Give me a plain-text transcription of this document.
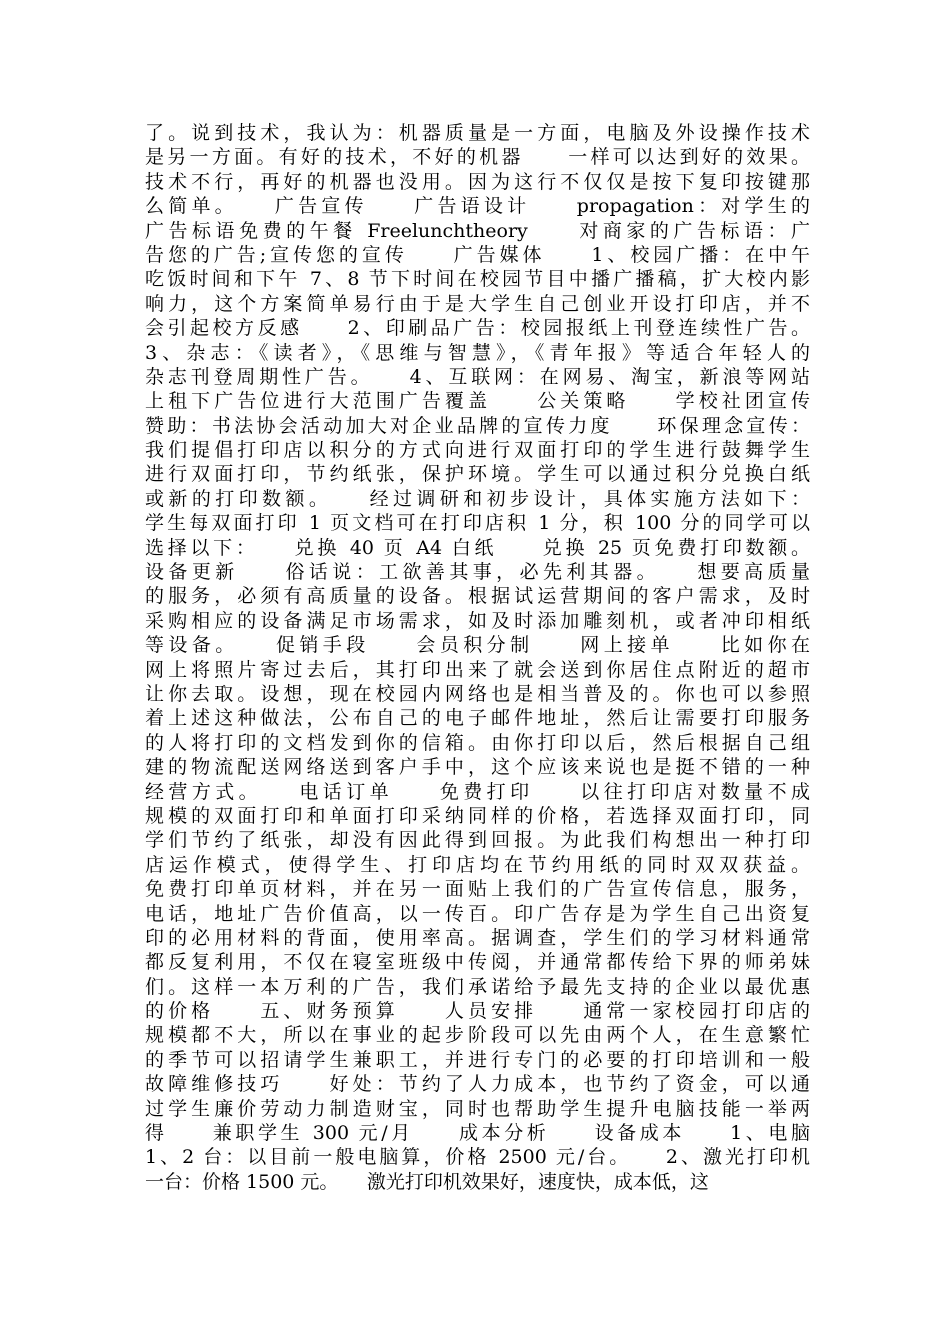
了。说到技术，我认为：机器质量是一方面，电脑及外设操作技术
是另一方面。有好的技术，不好的机器　　一样可以达到好的效果。
技术不行，再好的机器也没用。因为这行不仅仅是按下复印按键那
么简单。　　广告宣传　　广告语设计　　propagation：对学生的
广告标语免费的午餐 Freelunchtheory　　对商家的广告标语：广
告您的广告;宣传您的宣传　　广告媒体　　1、校园广播：在中午
吃饭时间和下午 7、8 节下时间在校园节目中播广播稿，扩大校内影
响力，这个方案简单易行由于是大学生自己创业开设打印店，并不
会引起校方反感　　2、印刷品广告：校园报纸上刊登连续性广告。
3、杂志：《读者》，《思维与智慧》，《青年报》等适合年轻人的
杂志刊登周期性广告。　　4、互联网：在网易、淘宝，新浪等网站
上租下广告位进行大范围广告覆盖　　公关策略　　学校社团宣传
赞助：书法协会活动加大对企业品牌的宣传力度　　环保理念宣传：
我们提倡打印店以积分的方式向进行双面打印的学生进行鼓舞学生
进行双面打印，节约纸张，保护环境。学生可以通过积分兑换白纸
或新的打印数额。　　经过调研和初步设计，具体实施方法如下：
学生每双面打印 1 页文档可在打印店积 1 分，积 100 分的同学可以
选择以下：　　兑换 40 页 A4 白纸　　兑换 25 页免费打印数额。
设备更新　　俗话说：工欲善其事，必先利其器。　　想要高质量
的服务，必须有高质量的设备。根据试运营期间的客户需求，及时
采购相应的设备满足市场需求，如及时添加雕刻机，或者冲印相纸
等设备。　　促销手段　　会员积分制　　网上接单　　比如你在
网上将照片寄过去后，其打印出来了就会送到你居住点附近的超市
让你去取。设想，现在校园内网络也是相当普及的。你也可以参照
着上述这种做法，公布自己的电子邮件地址，然后让需要打印服务
的人将打印的文档发到你的信箱。由你打印以后，然后根据自己组
建的物流配送网络送到客户手中，这个应该来说也是挺不错的一种
经营方式。　　电话订单　　免费打印　　以往打印店对数量不成
规模的双面打印和单面打印采纳同样的价格，若选择双面打印，同
学们节约了纸张，却没有因此得到回报。为此我们构想出一种打印
店运作模式，使得学生、打印店均在节约用纸的同时双双获益。
免费打印单页材料，并在另一面贴上我们的广告宣传信息，服务，
电话，地址广告价值高，以一传百。印广告存是为学生自己出资复
印的必用材料的背面，使用率高。据调查，学生们的学习材料通常
都反复利用，不仅在寝室班级中传阅，并通常都传给下界的师弟妹
们。这样一本万利的广告，我们承诺给予最先支持的企业以最优惠
的价格　　五、财务预算　　人员安排　　通常一家校园打印店的
规模都不大，所以在事业的起步阶段可以先由两个人，在生意繁忙
的季节可以招请学生兼职工，并进行专门的必要的打印培训和一般
故障维修技巧　　好处：节约了人力成本，也节约了资金，可以通
过学生廉价劳动力制造财宝，同时也帮助学生提升电脑技能一举两
得　　兼职学生 300 元/月　　成本分析　　设备成本　　1、电脑
1、2 台：以目前一般电脑算，价格 2500 元/台。　　2、激光打印机
一台：价格 1500 元。　　激光打印机效果好，速度快，成本低，这
